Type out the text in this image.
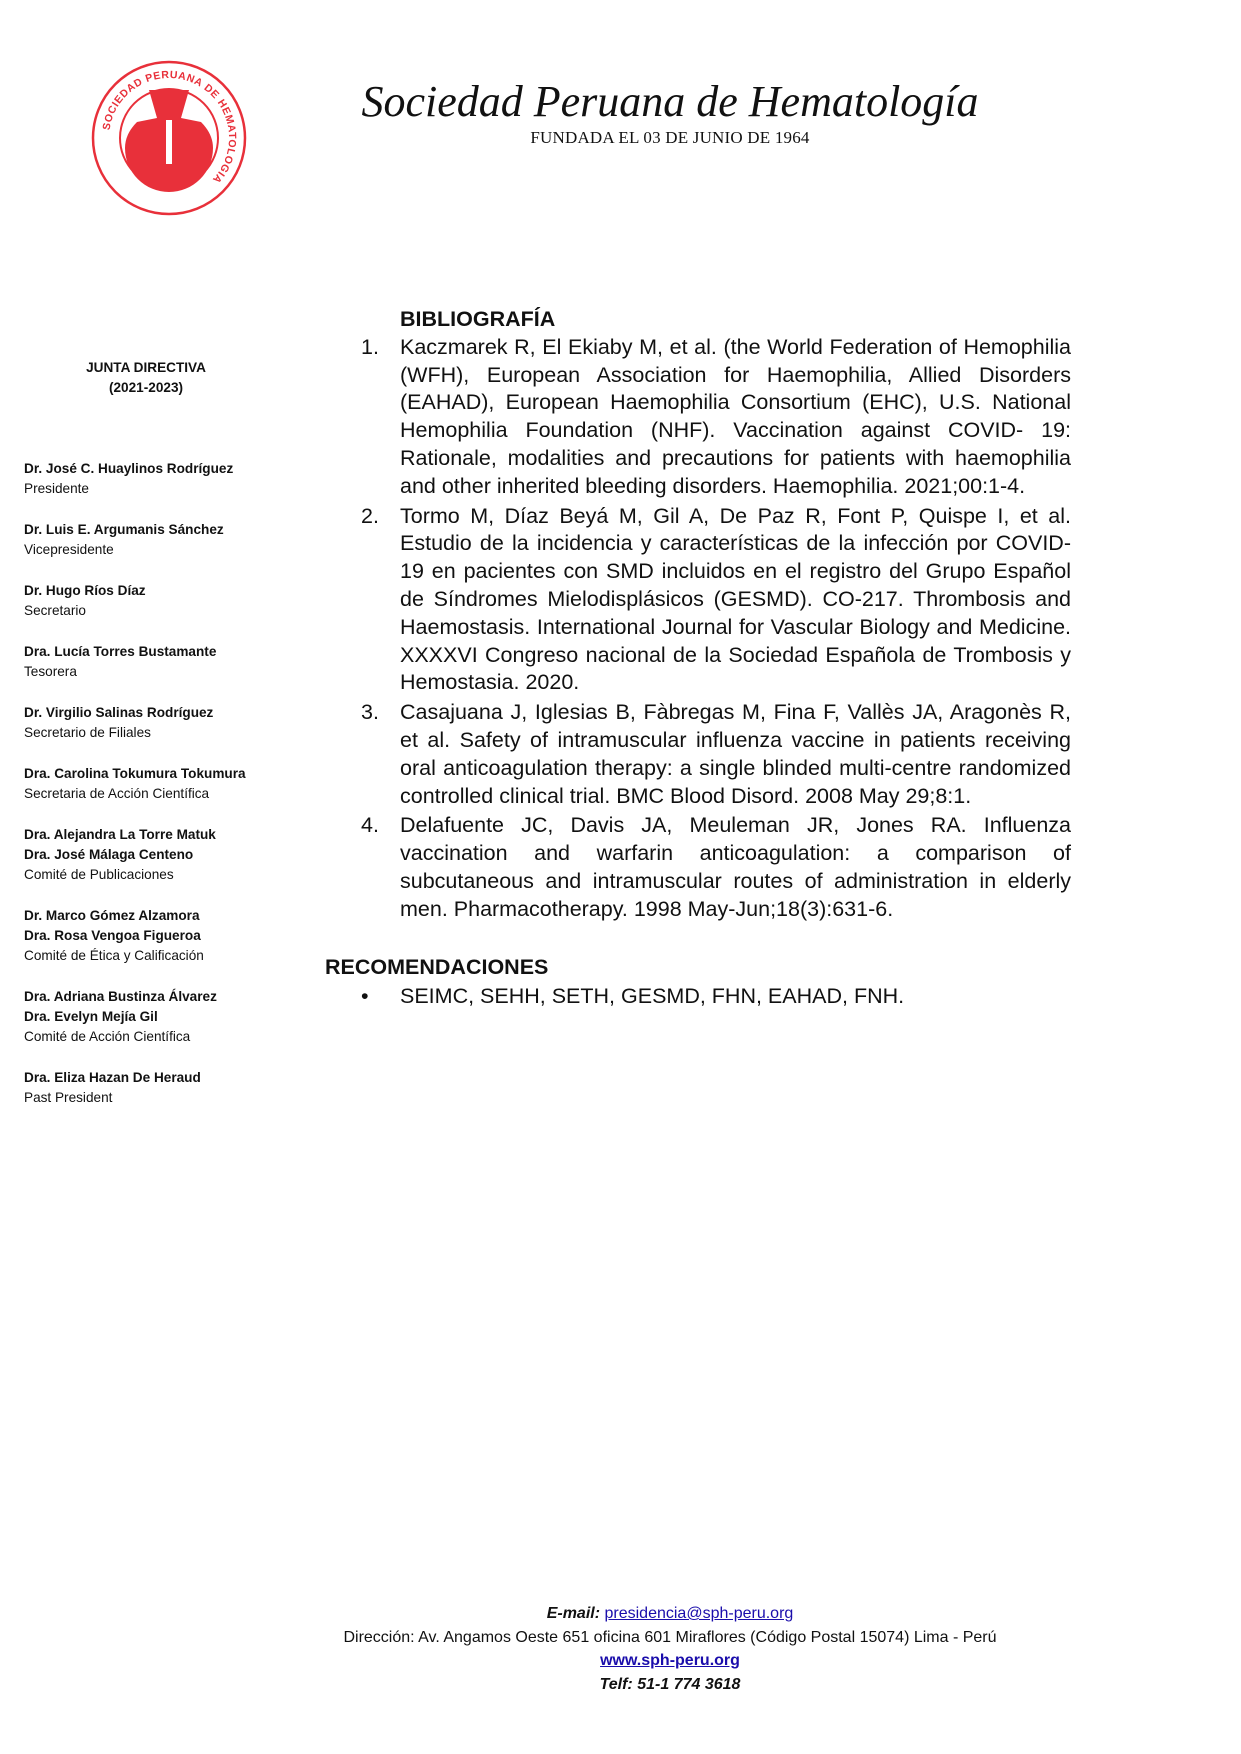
SOCIEDAD PERUANA DE HEMATOLOGIA
Sociedad Peruana de Hematología
FUNDADA EL 03 DE JUNIO DE 1964
JUNTA DIRECTIVA
(2021-2023)
Dr. José C. Huaylinos Rodríguez
Presidente
Dr. Luis E. Argumanis Sánchez
Vicepresidente
Dr. Hugo Ríos Díaz
Secretario
Dra. Lucía Torres Bustamante
Tesorera
Dr. Virgilio Salinas Rodríguez
Secretario de Filiales
Dra. Carolina Tokumura Tokumura
Secretaria de Acción Científica
Dra. Alejandra La Torre Matuk
Dra. José Málaga Centeno
Comité de Publicaciones
Dr. Marco Gómez Alzamora
Dra. Rosa Vengoa Figueroa
Comité de Ética y Calificación
Dra. Adriana Bustinza Álvarez
Dra. Evelyn Mejía Gil
Comité de Acción Científica
Dra. Eliza Hazan De Heraud
Past President
BIBLIOGRAFÍA
1. Kaczmarek R, El Ekiaby M, et al. (the World Federation of Hemophilia (WFH), European Association for Haemophilia, Allied Disorders (EAHAD), European Haemophilia Consortium (EHC), U.S. National Hemophilia Foundation (NHF). Vaccination against COVID- 19: Rationale, modalities and precautions for patients with haemophilia and other inherited bleeding disorders. Haemophilia. 2021;00:1-4.
2. Tormo M, Díaz Beyá M, Gil A, De Paz R, Font P, Quispe I, et al. Estudio de la incidencia y características de la infección por COVID-19 en pacientes con SMD incluidos en el registro del Grupo Español de Síndromes Mielodisplásicos (GESMD). CO-217. Thrombosis and Haemostasis. International Journal for Vascular Biology and Medicine. XXXXVI Congreso nacional de la Sociedad Española de Trombosis y Hemostasia. 2020.
3. Casajuana J, Iglesias B, Fàbregas M, Fina F, Vallès JA, Aragonès R, et al. Safety of intramuscular influenza vaccine in patients receiving oral anticoagulation therapy: a single blinded multi-centre randomized controlled clinical trial. BMC Blood Disord. 2008 May 29;8:1.
4. Delafuente JC, Davis JA, Meuleman JR, Jones RA. Influenza vaccination and warfarin anticoagulation: a comparison of subcutaneous and intramuscular routes of administration in elderly men. Pharmacotherapy. 1998 May-Jun;18(3):631-6.
RECOMENDACIONES
• SEIMC, SEHH, SETH, GESMD, FHN, EAHAD, FNH.
E-mail: presidencia@sph-peru.org
Dirección: Av. Angamos Oeste 651 oficina 601 Miraflores (Código Postal 15074) Lima - Perú
www.sph-peru.org
Telf: 51-1 774 3618
